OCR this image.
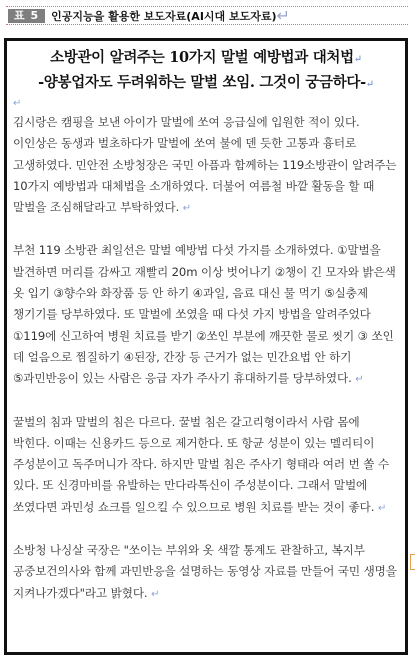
표 5	인공지능을 활용한 보도자료(AI시대 보도자료) ↵
소방관이 알려주는 10가지 말벌 예방법과 대처법↵
-양봉업자도 두려워하는 말벌 쏘임. 그것이 궁금하다-↵
↵

김시랑은 캠핑을 보낸 아이가 말벌에 쏘여 응급실에 입원한 적이 있다. 이인상은 동생과 벌초하다가 말벌에 쏘여 불에 덴 듯한 고통과 흉터로 고생하였다. 민안전 소방청장은 국민 아픔과 함께하는 119소방관이 알려주는 10가지 예방법과 대체법을 소개하였다. 더불어 여름철 바깥 활동을 할 때 말벌을 조심해달라고 부탁하였다. ↵

부천 119 소방관 최일선은 말벌 예방법 다섯 가지를 소개하였다. ①말벌을 발견하면 머리를 감싸고 재빨리 20m 이상 벗어나기 ②챙이 긴 모자와 밝은색 옷 입기 ③향수와 화장품 등 안 하기 ④과일, 음료 대신 물 먹기 ⑤실충제 챙기기를 당부하였다. 또 말벌에 쏘였을 때 다섯 가지 방법을 알려주었다 ①119에 신고하여 병원 치료를 받기 ②쏘인 부분에 깨끗한 물로 씻기 ③ 쏘인 데 얼음으로 찜질하기 ④된장, 간장 등 근거가 없는 민간요법 안 하기 ⑤과민반응이 있는 사람은 응급 자가 주사기 휴대하기를 당부하였다. ↵

꿀벌의 침과 말벌의 침은 다르다. 꿀벌 침은 갈고리형이라서 사람 몸에 박힌다. 이때는 신용카드 등으로 제거한다. 또 항균 성분이 있는 멜리티이 주성분이고 독주머니가 작다. 하지만 말벌 침은 주사기 형태라 여러 번 쏠 수 있다. 또 신경마비를 유발하는 만다라톡신이 주성분이다. 그래서 말벌에 쏘였다면 과민성 쇼크를 일으킬 수 있으므로 병원 치료를 받는 것이 좋다. ↵

소방청 나싱살 국장은 "쏘이는 부위와 옷 색깔 통계도 관찰하고, 복지부 공중보건의사와 함께 과민반응을 설명하는 동영상 자료를 만들어 국민 생명을 지켜나가겠다"라고 밝혔다. ↵
